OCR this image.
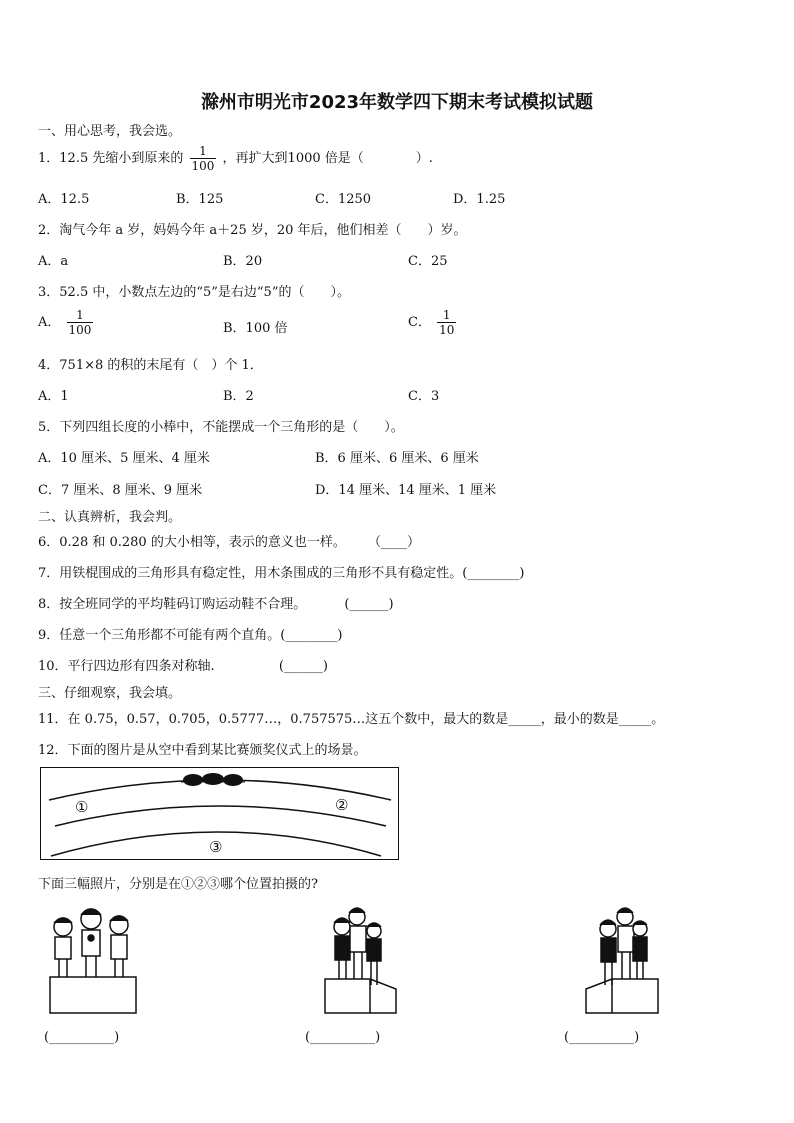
滁州市明光市2023年数学四下期末考试模拟试题
一、用心思考，我会选。
1．12.5 先缩小到原来的 $\frac{1}{100}$ ，再扩大到1000 倍是（　　　　）.
A．12.5	B．125	C．1250	D．1.25
2．淘气今年 a 岁，妈妈今年 a＋25 岁，20 年后，他们相差（　　）岁。
A．a	B．20	C．25
3．52.5 中，小数点左边的“5”是右边“5”的（　　）。
A． $\frac{1}{100}$	B．100 倍	C． $\frac{1}{10}$
4．751×8 的积的末尾有（　）个 1．
A．1	B．2	C．3
5．下列四组长度的小棒中，不能摆成一个三角形的是（　　）。
A．10 厘米、5 厘米、4 厘米	B．6 厘米、6 厘米、6 厘米
C．7 厘米、8 厘米、9 厘米	D．14 厘米、14 厘米、1 厘米
二、认真辨析，我会判。
6．0.28 和 0.280 的大小相等，表示的意义也一样。 （____）
7．用铁棍围成的三角形具有稳定性，用木条围成的三角形不具有稳定性。(________)
8．按全班同学的平均鞋码订购运动鞋不合理。	(______)
9．任意一个三角形都不可能有两个直角。(________)
10．平行四边形有四条对称轴.	(______)
三、仔细观察，我会填。
11．在 0.75，0.57，0.705，0.5777…，0.757575…这五个数中，最大的数是_____，最小的数是_____。
12．下面的图片是从空中看到某比赛颁奖仪式上的场景。
①	②
③
下面三幅照片，分别是在①②③哪个位置拍摄的?
(__________)	(__________)	(__________)
